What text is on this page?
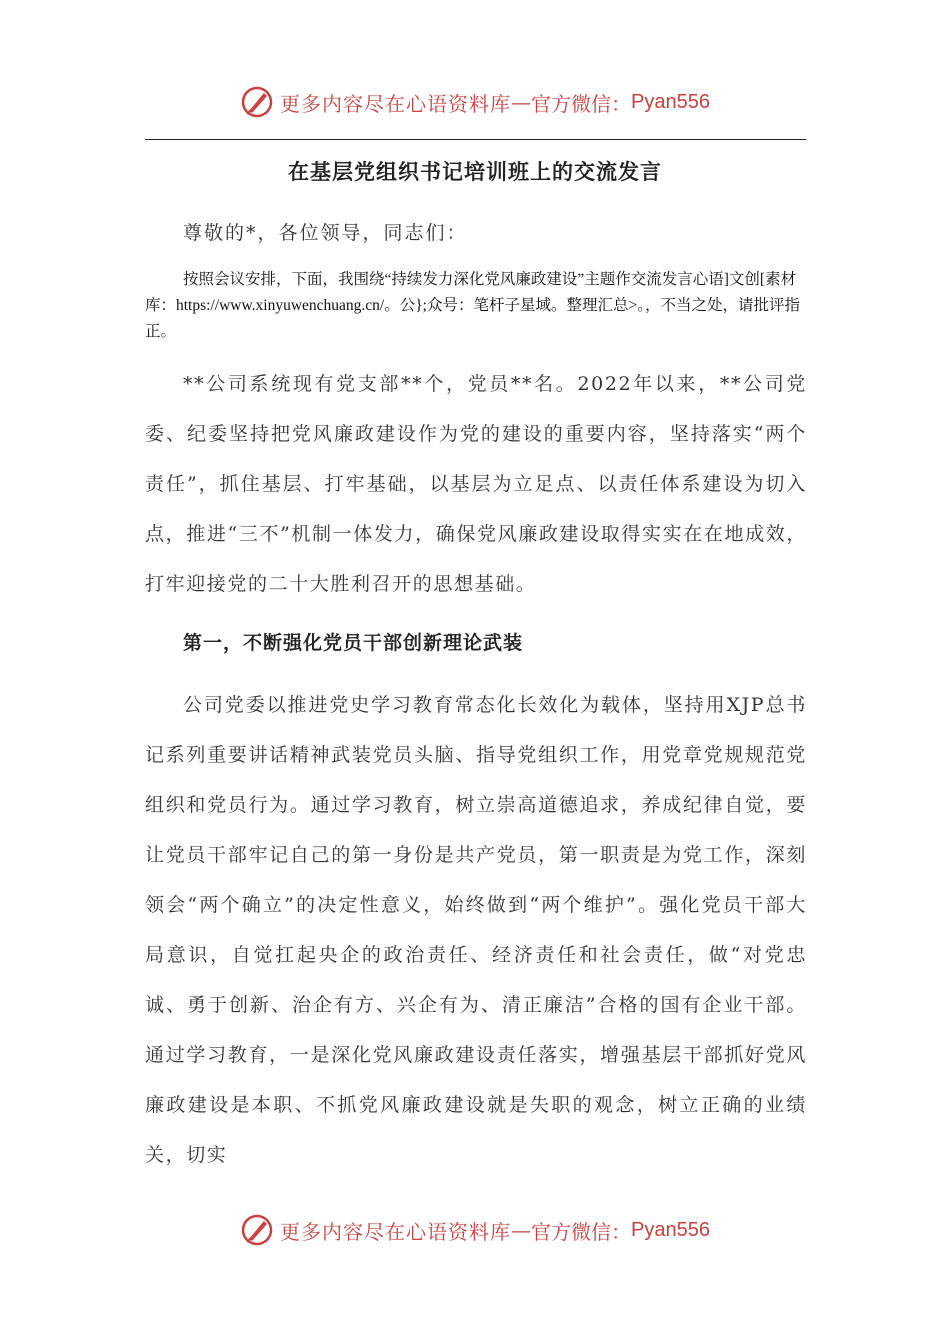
更多内容尽在心语资料库 — 官方微信： Pyan556
在基层党组织书记培训班上的交流发言
尊敬的*，各位领导，同志们：
按照会议安排，下面，我围绕“持续发力深化党风廉政建设”主题作交流发言心语]文创[素材库：https://www.xinyuwenchuang.cn/。公};众号：笔杆子星域。整理汇总>。，不当之处，请批评指正。
**公司系统现有党支部**个，党员**名。2022年以来，**公司党委、纪委坚持把党风廉政建设作为党的建设的重要内容，坚持落实“两个责任”，抓住基层、打牢基础，以基层为立足点、以责任体系建设为切入点，推进“三不”机制一体发力，确保党风廉政建设取得实实在在地成效，打牢迎接党的二十大胜利召开的思想基础。
第一，不断强化党员干部创新理论武装
公司党委以推进党史学习教育常态化长效化为载体，坚持用XJP总书记系列重要讲话精神武装党员头脑、指导党组织工作，用党章党规规范党组织和党员行为。通过学习教育，树立崇高道德追求，养成纪律自觉，要让党员干部牢记自己的第一身份是共产党员，第一职责是为党工作，深刻领会“两个确立”的决定性意义，始终做到“两个维护”。强化党员干部大局意识，自觉扛起央企的政治责任、经济责任和社会责任，做“对党忠诚、勇于创新、治企有方、兴企有为、清正廉洁”合格的国有企业干部。通过学习教育，一是深化党风廉政建设责任落实，增强基层干部抓好党风廉政建设是本职、不抓党风廉政建设就是失职的观念，树立正确的业绩关，切实
更多内容尽在心语资料库 — 官方微信： Pyan556
